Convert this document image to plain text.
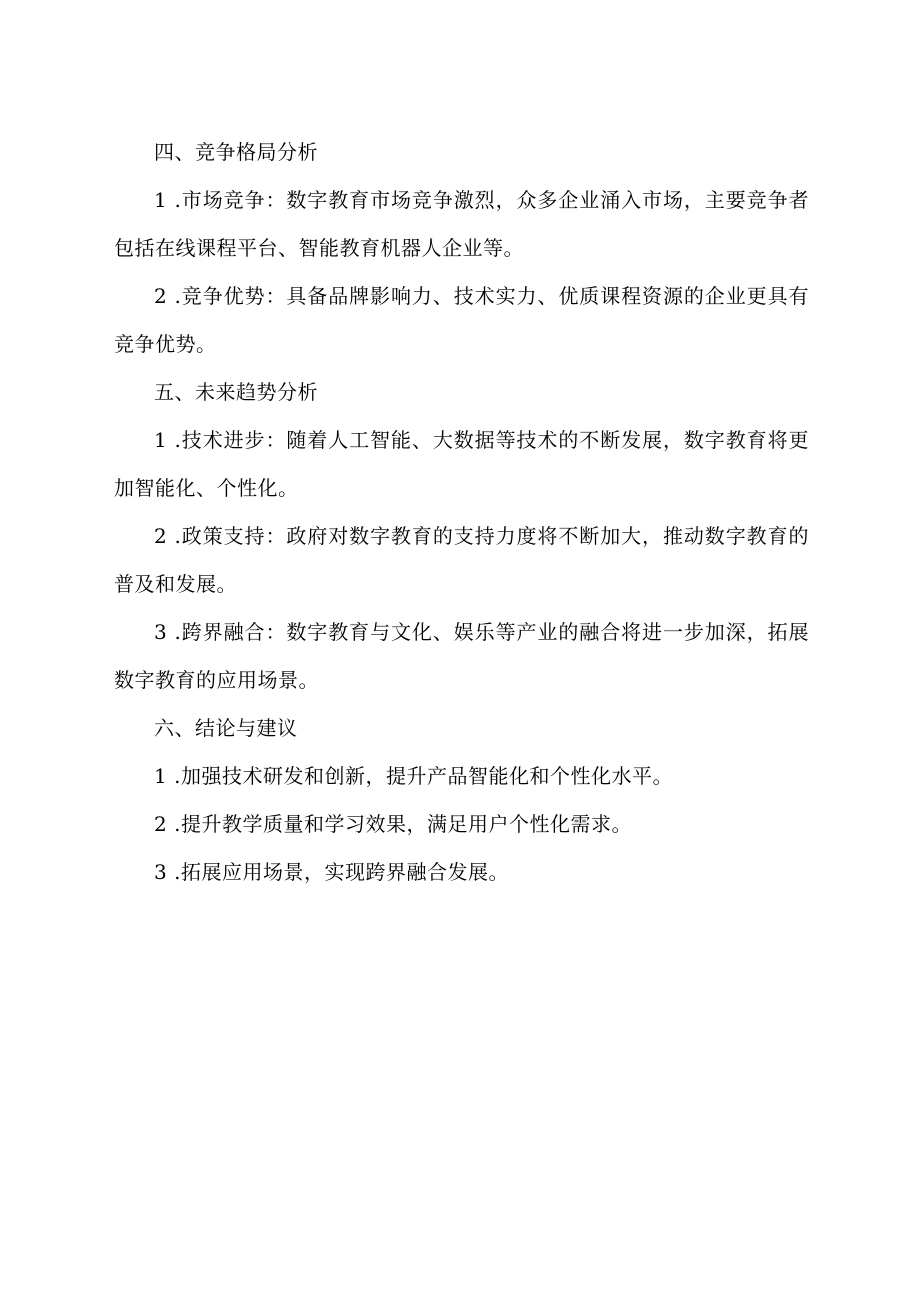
四、竞争格局分析

1 .市场竞争：数字教育市场竞争激烈，众多企业涌入市场，主要竞争者包括在线课程平台、智能教育机器人企业等。

2 .竞争优势：具备品牌影响力、技术实力、优质课程资源的企业更具有竞争优势。

五、未来趋势分析

1 .技术进步：随着人工智能、大数据等技术的不断发展，数字教育将更加智能化、个性化。

2 .政策支持：政府对数字教育的支持力度将不断加大，推动数字教育的普及和发展。

3 .跨界融合：数字教育与文化、娱乐等产业的融合将进一步加深，拓展数字教育的应用场景。

六、结论与建议

1 .加强技术研发和创新，提升产品智能化和个性化水平。

2 .提升教学质量和学习效果，满足用户个性化需求。

3 .拓展应用场景，实现跨界融合发展。
